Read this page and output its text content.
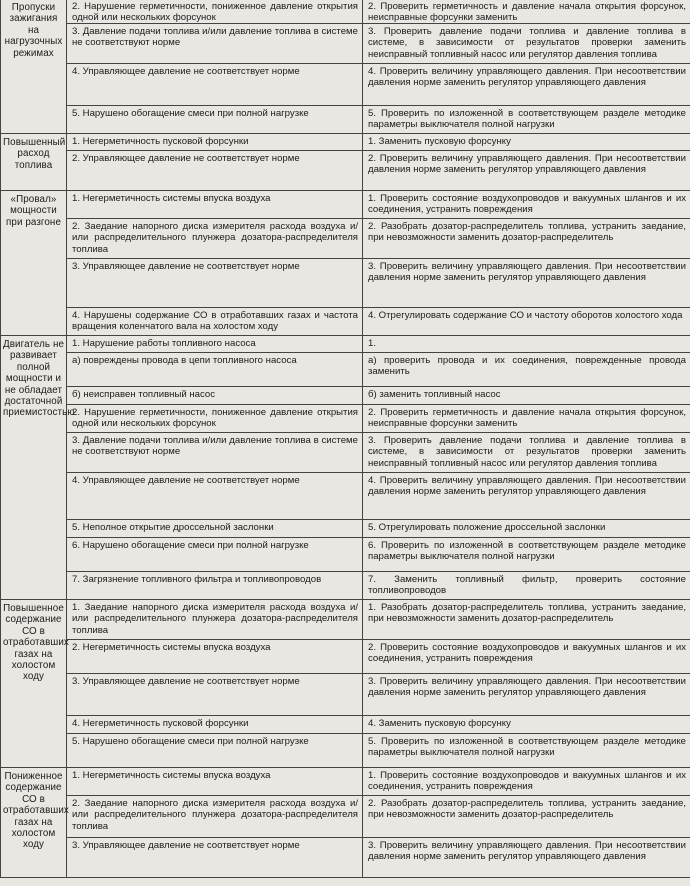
Пропуски зажигания на нагрузочных режимах	2. Нарушение герметичности, пониженное давление открытия одной или нескольких форсунок	2. Проверить герметичность и давление начала открытия форсунок, неисправные форсунки заменить

	3. Давление подачи топлива и/или давление топлива в системе не соответствуют норме	3. Проверить давление подачи топлива и давление топлива в системе, в зависимости от результатов проверки заменить неисправный топливный насос или регулятор давления топлива

	4. Управляющее давление не соответствует норме	4. Проверить величину управляющего давления. При несоответствии давления норме заменить регулятор управляющего давления

	5. Нарушено обогащение смеси при полной нагрузке	5. Проверить по изложенной в соответствующем разделе методике параметры выключателя полной нагрузки

Повышенный расход топлива	1. Негерметичность пусковой форсунки	1. Заменить пусковую форсунку

	2. Управляющее давление не соответствует норме	2. Проверить величину управляющего давления. При несоответствии давления норме заменить регулятор управляющего давления

«Провал» мощности при разгоне	1. Негерметичность системы впуска воздуха	1. Проверить состояние воздухопроводов и вакуумных шлангов и их соединения, устранить повреждения

	2. Заедание напорного диска измерителя расхода воздуха и/или распределительного плунжера дозатора-распределителя топлива	2. Разобрать дозатор-распределитель топлива, устранить заедание, при невозможности заменить дозатор-распределитель

	3. Управляющее давление не соответствует норме	3. Проверить величину управляющего давления. При несоответствии давления норме заменить регулятор управляющего давления

	4. Нарушены содержание СО в отработавших газах и частота вращения коленчатого вала на холостом ходу	4. Отрегулировать содержание СО и частоту оборотов холостого хода

Двигатель не развивает полной мощности и не обладает достаточной приемистостью	1. Нарушение работы топливного насоса	1.

	а) повреждены провода в цепи топливного насоса	а) проверить провода и их соединения, поврежденные провода заменить

	б) неисправен топливный насос	б) заменить топливный насос

	2. Нарушение герметичности, пониженное давление открытия одной или нескольких форсунок	2. Проверить герметичность и давление начала открытия форсунок, неисправные форсунки заменить

	3. Давление подачи топлива и/или давление топлива в системе не соответствуют норме	3. Проверить давление подачи топлива и давление топлива в системе, в зависимости от результатов проверки заменить неисправный топливный насос или регулятор давления топлива

	4. Управляющее давление не соответствует норме	4. Проверить величину управляющего давления. При несоответствии давления норме заменить регулятор управляющего давления

	5. Неполное открытие дроссельной заслонки	5. Отрегулировать положение дроссельной заслонки

	6. Нарушено обогащение смеси при полной нагрузке	6. Проверить по изложенной в соответствующем разделе методике параметры выключателя полной нагрузки

	7. Загрязнение топливного фильтра и топливопроводов	7. Заменить топливный фильтр, проверить состояние топливопроводов

Повышенное содержание СО в отработавших газах на холостом ходу	1. Заедание напорного диска измерителя расхода воздуха и/или распределительного плунжера дозатора-распределителя топлива	1. Разобрать дозатор-распределитель топлива, устранить заедание, при невозможности заменить дозатор-распределитель

	2. Негерметичность системы впуска воздуха	2. Проверить состояние воздухопроводов и вакуумных шлангов и их соединения, устранить повреждения

	3. Управляющее давление не соответствует норме	3. Проверить величину управляющего давления. При несоответствии давления норме заменить регулятор управляющего давления

	4. Негерметичность пусковой форсунки	4. Заменить пусковую форсунку

	5. Нарушено обогащение смеси при полной нагрузке	5. Проверить по изложенной в соответствующем разделе методике параметры выключателя полной нагрузки

Пониженное содержание СО в отработавших газах на холостом ходу	1. Негерметичность системы впуска воздуха	1. Проверить состояние воздухопроводов и вакуумных шлангов и их соединения, устранить повреждения

	2. Заедание напорного диска измерителя расхода воздуха и/или распределительного плунжера дозатора-распределителя топлива	2. Разобрать дозатор-распределитель топлива, устранить заедание, при невозможности заменить дозатор-распределитель

	3. Управляющее давление не соответствует норме	3. Проверить величину управляющего давления. При несоответствии давления норме заменить регулятор управляющего давления
